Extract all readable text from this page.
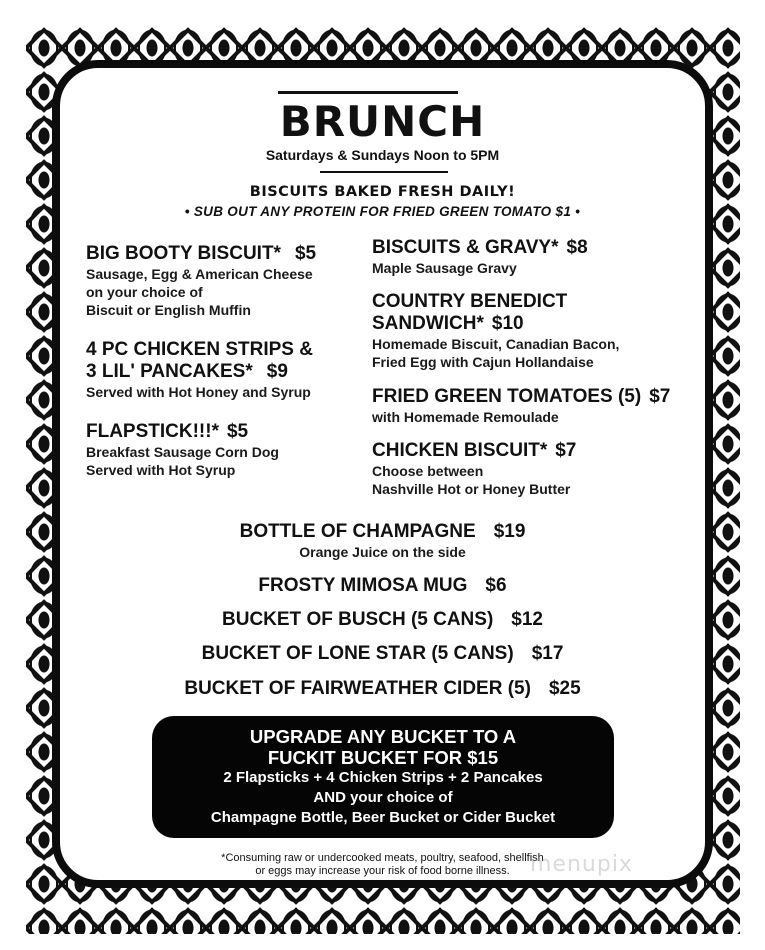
BRUNCH
Saturdays & Sundays Noon to 5PM
BISCUITS BAKED FRESH DAILY!
• SUB OUT ANY PROTEIN FOR FRIED GREEN TOMATO $1 •
BIG BOOTY BISCUIT* $5
Sausage, Egg & American Cheese
on your choice of
Biscuit or English Muffin
4 PC CHICKEN STRIPS &
3 LIL' PANCAKES* $9
Served with Hot Honey and Syrup
FLAPSTICK!!!* $5
Breakfast Sausage Corn Dog
Served with Hot Syrup
BISCUITS & GRAVY* $8
Maple Sausage Gravy
COUNTRY BENEDICT
SANDWICH* $10
Homemade Biscuit, Canadian Bacon,
Fried Egg with Cajun Hollandaise
FRIED GREEN TOMATOES (5) $7
with Homemade Remoulade
CHICKEN BISCUIT* $7
Choose between
Nashville Hot or Honey Butter
BOTTLE OF CHAMPAGNE $19
Orange Juice on the side
FROSTY MIMOSA MUG $6
BUCKET OF BUSCH (5 CANS) $12
BUCKET OF LONE STAR (5 CANS) $17
BUCKET OF FAIRWEATHER CIDER (5) $25
UPGRADE ANY BUCKET TO A
FUCKIT BUCKET FOR $15
2 Flapsticks + 4 Chicken Strips + 2 Pancakes
AND your choice of
Champagne Bottle, Beer Bucket or Cider Bucket
*Consuming raw or undercooked meats, poultry, seafood, shellfish
or eggs may increase your risk of food borne illness. menupix
